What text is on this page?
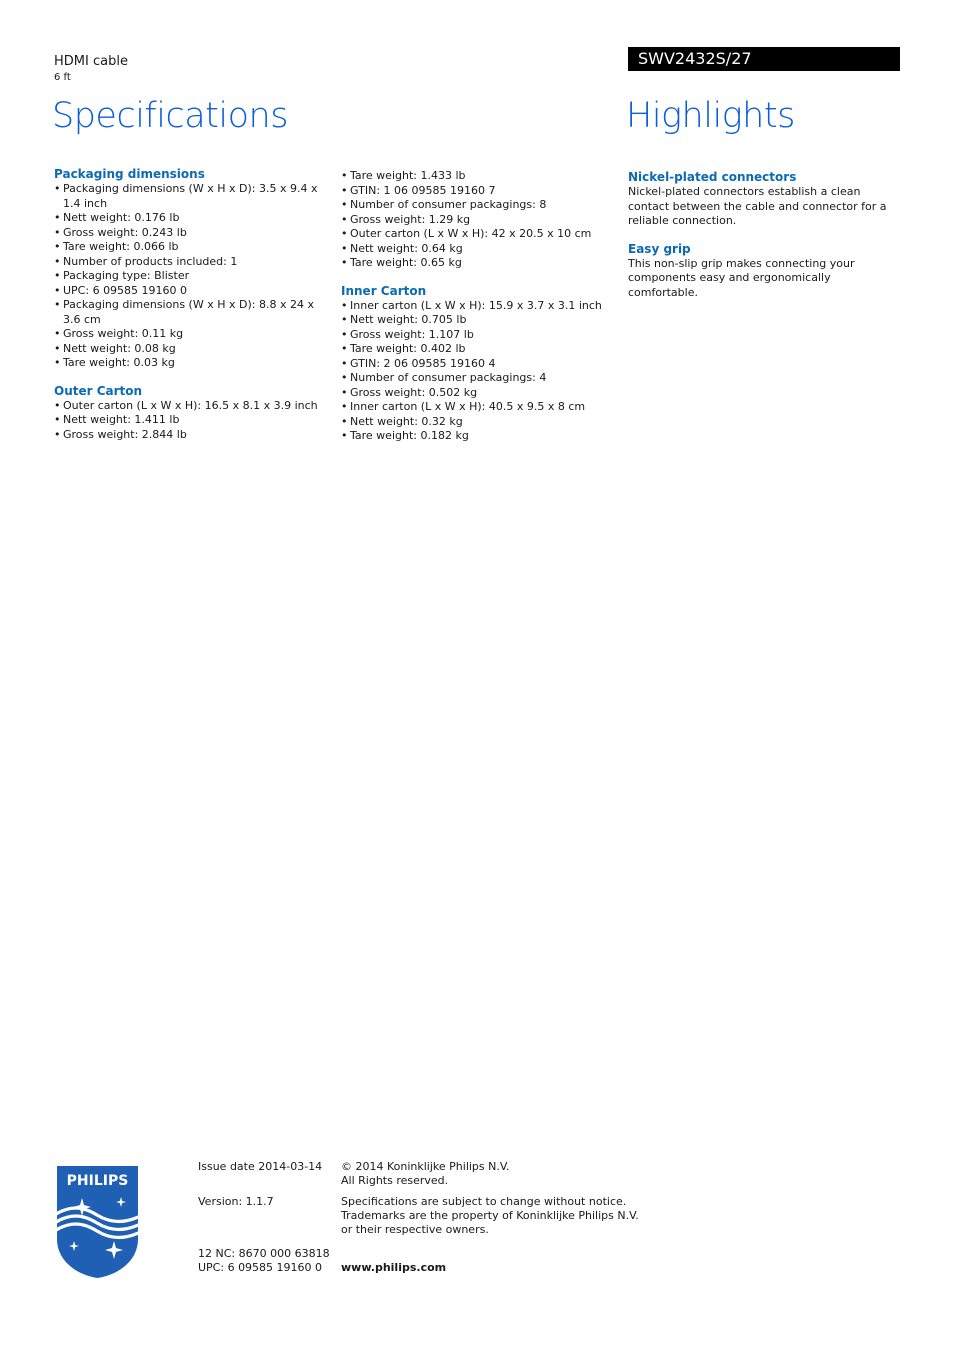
HDMI cable
6 ft
SWV2432S/27
Specifications	Highlights

Packaging dimensions

• Packaging dimensions (W x H x D): 3.5 x 9.4 x 1.4 inch
• Nett weight: 0.176 lb
• Gross weight: 0.243 lb
• Tare weight: 0.066 lb
• Number of products included: 1
• Packaging type: Blister
• UPC: 6 09585 19160 0
• Packaging dimensions (W x H x D): 8.8 x 24 x 3.6 cm
• Gross weight: 0.11 kg
• Nett weight: 0.08 kg
• Tare weight: 0.03 kg

Outer Carton

• Outer carton (L x W x H): 16.5 x 8.1 x 3.9 inch
• Nett weight: 1.411 lb
• Gross weight: 2.844 lb
• Tare weight: 1.433 lb
• GTIN: 1 06 09585 19160 7
• Number of consumer packagings: 8
• Gross weight: 1.29 kg
• Outer carton (L x W x H): 42 x 20.5 x 10 cm
• Nett weight: 0.64 kg
• Tare weight: 0.65 kg

Inner Carton

• Inner carton (L x W x H): 15.9 x 3.7 x 3.1 inch
• Nett weight: 0.705 lb
• Gross weight: 1.107 lb
• Tare weight: 0.402 lb
• GTIN: 2 06 09585 19160 4
• Number of consumer packagings: 4
• Gross weight: 0.502 kg
• Inner carton (L x W x H): 40.5 x 9.5 x 8 cm
• Nett weight: 0.32 kg
• Tare weight: 0.182 kg

Nickel-plated connectors

Nickel-plated connectors establish a clean contact between the cable and connector for a reliable connection.

Easy grip

This non-slip grip makes connecting your components easy and ergonomically comfortable.

PHILIPS
Issue date 2014-03-14
Version: 1.1.7
12 NC: 8670 000 63818
UPC: 6 09585 19160 0
© 2014 Koninklijke Philips N.V.
All Rights reserved.
Specifications are subject to change without notice.
Trademarks are the property of Koninklijke Philips N.V.
or their respective owners.
www.philips.com
